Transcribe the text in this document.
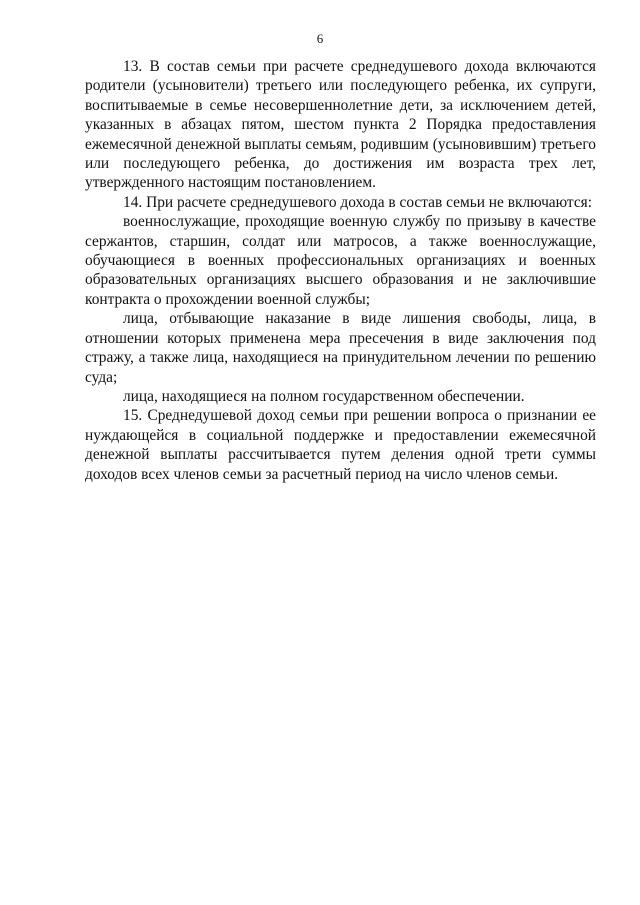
6

13. В состав семьи при расчете среднедушевого дохода включаются родители (усыновители) третьего или последующего ребенка, их супруги, воспитываемые в семье несовершеннолетние дети, за исключением детей, указанных в абзацах пятом, шестом пункта 2 Порядка предоставления ежемесячной денежной выплаты семьям, родившим (усыновившим) третьего или последующего ребенка, до достижения им возраста трех лет, утвержденного настоящим постановлением.

14. При расчете среднедушевого дохода в состав семьи не включаются:

военнослужащие, проходящие военную службу по призыву в качестве сержантов, старшин, солдат или матросов, а также военнослужащие, обучающиеся в военных профессиональных организациях и военных образовательных организациях высшего образования и не заключившие контракта о прохождении военной службы;

лица, отбывающие наказание в виде лишения свободы, лица, в отношении которых применена мера пресечения в виде заключения под стражу, а также лица, находящиеся на принудительном лечении по решению суда;

лица, находящиеся на полном государственном обеспечении.

15. Среднедушевой доход семьи при решении вопроса о признании ее нуждающейся в социальной поддержке и предоставлении ежемесячной денежной выплаты рассчитывается путем деления одной трети суммы доходов всех членов семьи за расчетный период на число членов семьи.
